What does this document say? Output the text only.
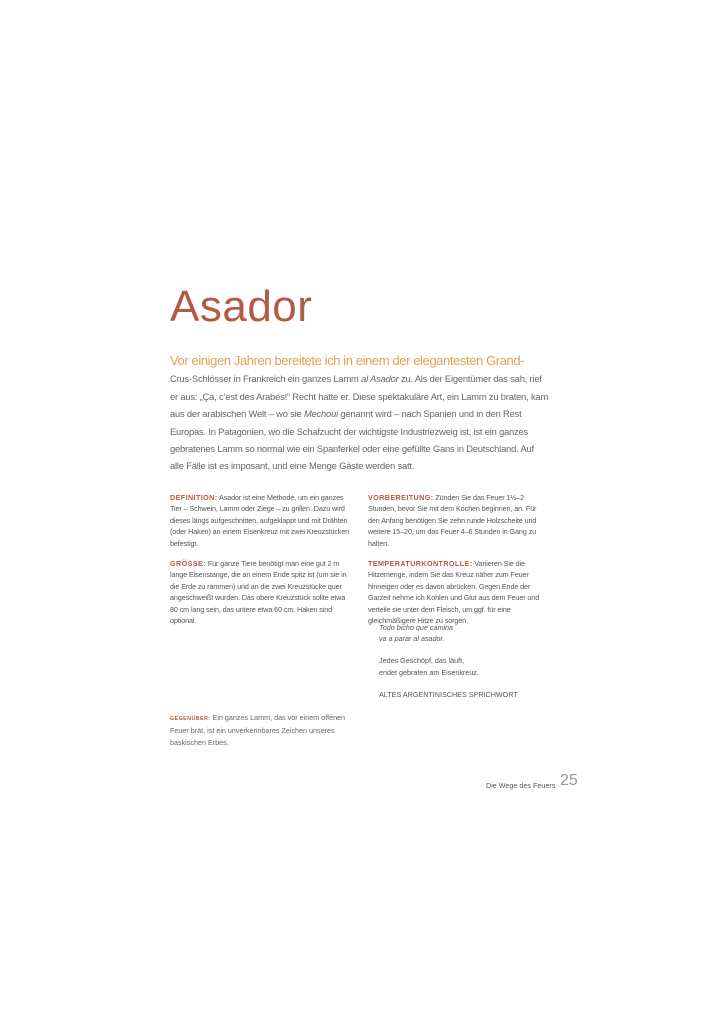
Asador

Vor einigen Jahren bereitete ich in einem der elegantesten Grand-
Crus-Schlösser in Frankreich ein ganzes Lamm al Asador zu. Als der Eigentümer das sah, rief er aus: „Ça, c’est des Arabes!“ Recht hatte er. Diese spektakuläre Art, ein Lamm zu braten, kam aus der arabischen Welt – wo sie Mechoui genannt wird – nach Spanien und in den Rest Europas. In Patagonien, wo die Schafzucht der wichtigste Industriezweig ist, ist ein ganzes gebratenes Lamm so normal wie ein Spanferkel oder eine gefüllte Gans in Deutschland. Auf alle Fälle ist es imposant, und eine Menge Gäste werden satt.

DEFINITION: Asador ist eine Methode, um ein ganzes Tier – Schwein, Lamm oder Ziege – zu grillen. Dazu wird dieses längs aufgeschnitten, aufgeklappt und mit Drähten (oder Haken) an einem Eisenkreuz mit zwei Kreuzstücken befestigt.

GRÖSSE: Für ganze Tiere benötigt man eine gut 2 m lange Eisenstange, die an einem Ende spitz ist (um sie in die Erde zu rammen) und an die zwei Kreuzstücke quer angeschweißt wurden. Das obere Kreuzstück sollte etwa 80 cm lang sein, das untere etwa 60 cm. Haken sind optional.

VORBEREITUNG: Zünden Sie das Feuer 1½–2 Stunden, bevor Sie mit dem Kochen beginnen, an. Für den Anfang benötigen Sie zehn runde Holzscheite und weitere 15–20, um das Feuer 4–6 Stunden in Gang zu halten.

TEMPERATURKONTROLLE: Variieren Sie die Hitzemenge, indem Sie das Kreuz näher zum Feuer hinneigen oder es davon abrücken. Gegen Ende der Garzeit nehme ich Kohlen und Glut aus dem Feuer und verteile sie unter dem Fleisch, um ggf. für eine gleichmäßigere Hitze zu sorgen.

Todo bicho que camina
va a parar al asador.

Jedes Geschöpf, das läuft,
endet gebraten am Eisenkreuz.

ALTES ARGENTINISCHES SPRICHWORT

GEGENÜBER: Ein ganzes Lamm, das vor einem offenen Feuer brät, ist ein unverkennbares Zeichen unseres baskischen Erbes.

Die Wege des Feuers 25
